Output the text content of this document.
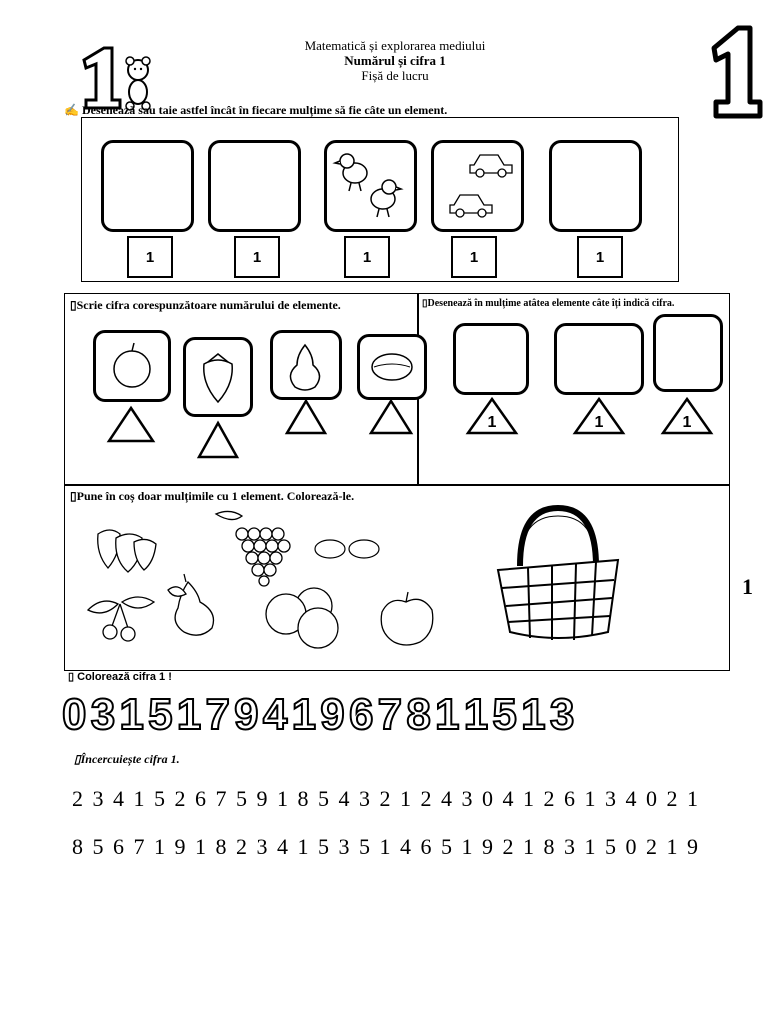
Matematică și explorarea mediului
Numărul și cifra 1
Fișă de lucru
✍ Desenează sau taie astfel încât în fiecare mulțime să fie câte un element.
1	1	1	1	1
▯Scrie cifra corespunzătoare numărului de elemente.	▯Desenează în mulțime atâtea elemente câte îți indică cifra.
1	1	1
▯Pune în coș doar mulțimile cu 1 element. Colorează-le.
1
▯ Colorează cifra 1 !
0 3 1 5 1 7 9 4 1 9 6 7 8 1 1 5 1 3
▯Încercuiește cifra 1.
2 3 4 1 5 2 6 7 5 9 1 8 5 4 3 2 1 2 4 3 0 4 1 2 6 1 3 4 0 2 1
8 5 6 7 1 9 1 8 2 3 4 1 5 3 5 1 4 6 5 1 9 2 1 8 3 1 5 0 2 1 9
